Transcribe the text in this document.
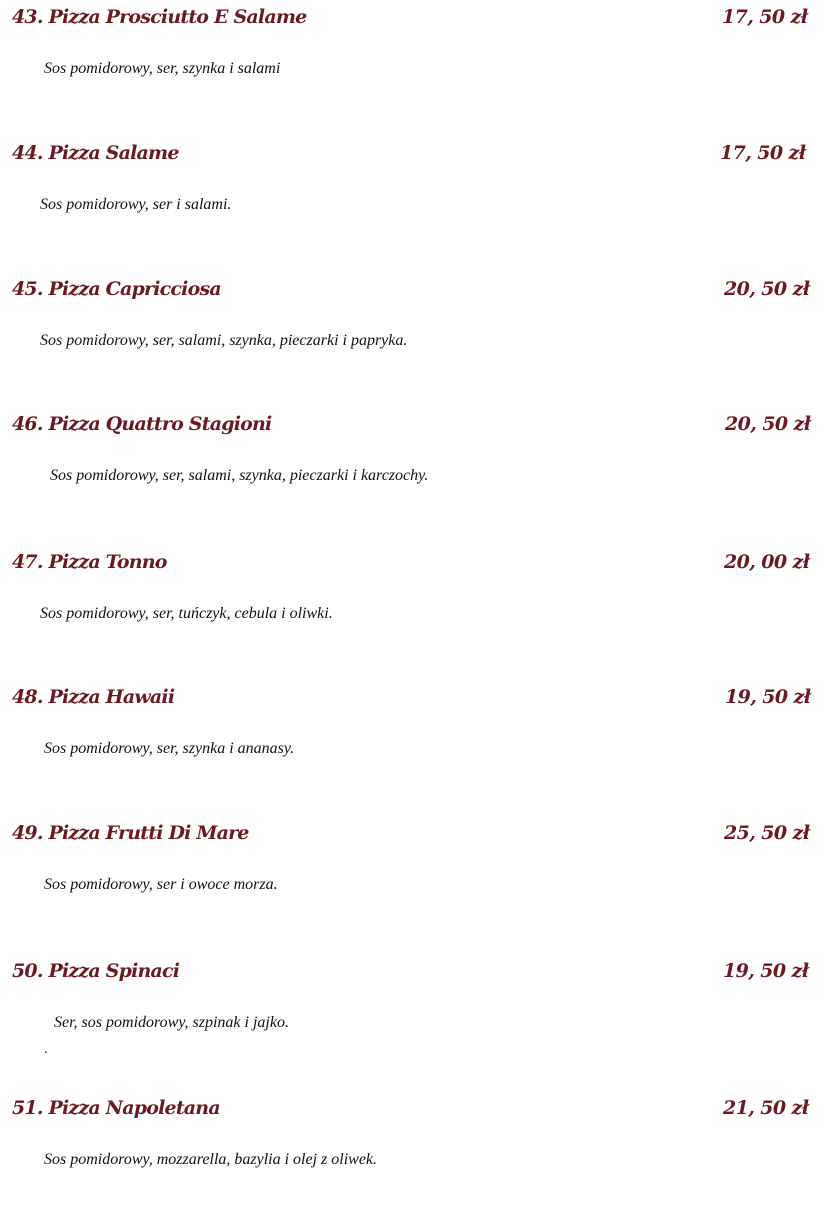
43. Pizza Prosciutto E Salame	17, 50 zł
Sos pomidorowy, ser, szynka i salami
44. Pizza Salame	17, 50 zł
Sos pomidorowy, ser i salami.
45. Pizza Capricciosa	20, 50 zł
Sos pomidorowy, ser, salami, szynka, pieczarki i papryka.
46. Pizza Quattro Stagioni	20, 50 zł
Sos pomidorowy, ser, salami, szynka, pieczarki i karczochy.
47. Pizza Tonno	20, 00 zł
Sos pomidorowy, ser, tuńczyk, cebula i oliwki.
48. Pizza Hawaii	19, 50 zł
Sos pomidorowy, ser, szynka i ananasy.
49. Pizza Frutti Di Mare	25, 50 zł
Sos pomidorowy, ser i owoce morza.
50. Pizza Spinaci	19, 50 zł
Ser, sos pomidorowy, szpinak i jajko.
.
51. Pizza Napoletana	21, 50 zł
Sos pomidorowy, mozzarella, bazylia i olej z oliwek.
